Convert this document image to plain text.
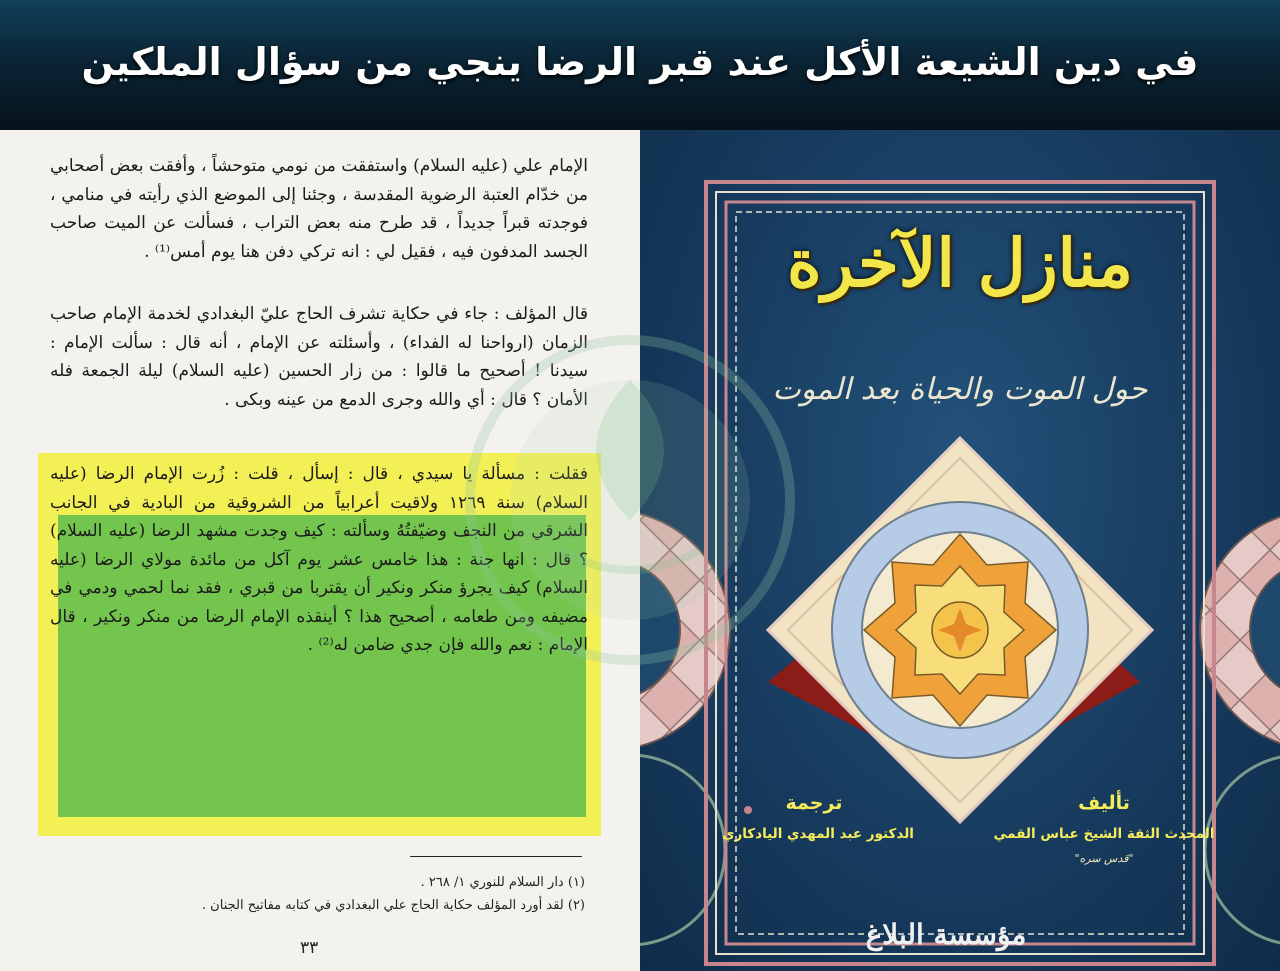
في دين الشيعة الأكل عند قبر الرضا ينجي من سؤال الملكين

الإمام علي (عليه السلام) واستفقت من نومي متوحشاً ، وأفقت بعض أصحابي من خدّام العتبة الرضوية المقدسة ، وجئنا إلى الموضع الذي رأيته في منامي ، فوجدته قبراً جديداً ، قد طرح منه بعض التراب ، فسألت عن الميت صاحب الجسد المدفون فيه ، فقيل لي : انه تركي دفن هنا يوم أمس⁽¹⁾ .

قال المؤلف : جاء في حكاية تشرف الحاج عليّ البغدادي لخدمة الإمام صاحب الزمان (ارواحنا له الفداء) ، وأسئلته عن الإمام ، أنه قال : سألت الإمام : سيدنا ! أصحيح ما قالوا : من زار الحسين (عليه السلام) ليلة الجمعة فله الأمان ؟ قال : أي والله وجرى الدمع من عينه وبكى .

فقلت : مسألة يا سيدي ، قال : إسأل ، قلت : زُرت الإمام الرضا (عليه السلام) سنة ١٢٦٩ ولاقيت أعرابياً من الشروقية من البادية في الجانب الشرقي من النجف وضيّفتُهُ وسألته : كيف وجدت مشهد الرضا (عليه السلام) ؟ قال : انها جنة : هذا خامس عشر يوم آكل من مائدة مولاي الرضا (عليه السلام) كيف يجرؤ منكر ونكير أن يقتربا من قبري ، فقد نما لحمي ودمي في مضيفه ومن طعامه ، أصحيح هذا ؟ أينقذه الإمام الرضا من منكر ونكير ، قال الإمام : نعم والله فإن جدي ضامن له⁽²⁾ .

(١) دار السلام للنوري ١/ ٢٦٨ .
(٢) لقد أورد المؤلف حكاية الحاج علي البغدادي في كتابه مفاتيح الجنان .
٣٣
منازل الآخرة
حول الموت والحياة بعد الموت
تأليف
المحدث الثقة الشيخ عباس القمي
"قدس سره"
ترجمة
الدكتور عبد المهدي اليادكاري
مؤسسة البلاغ
